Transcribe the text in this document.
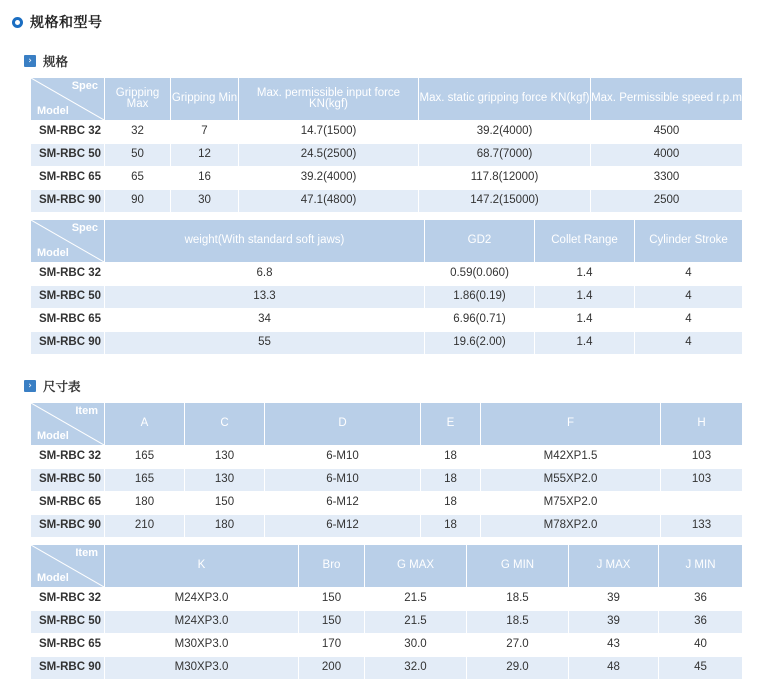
规格和型号
› 规格
Spec
Model	Gripping Max	Gripping Min	Max. permissible input force KN(kgf)	Max. static gripping force KN(kgf)	Max. Permissible speed r.p.m
SM-RBC 32	32	7	14.7(1500)	39.2(4000)	4500
SM-RBC 50	50	12	24.5(2500)	68.7(7000)	4000
SM-RBC 65	65	16	39.2(4000)	117.8(12000)	3300
SM-RBC 90	90	30	47.1(4800)	147.2(15000)	2500
Spec
Model	weight(With standard soft jaws)	GD2	Collet Range	Cylinder Stroke
SM-RBC 32	6.8	0.59(0.060)	1.4	4
SM-RBC 50	13.3	1.86(0.19)	1.4	4
SM-RBC 65	34	6.96(0.71)	1.4	4
SM-RBC 90	55	19.6(2.00)	1.4	4
› 尺寸表
Item
Model	A	C	D	E	F	H
SM-RBC 32	165	130	6-M10	18	M42XP1.5	103
SM-RBC 50	165	130	6-M10	18	M55XP2.0	103
SM-RBC 65	180	150	6-M12	18	M75XP2.0	
SM-RBC 90	210	180	6-M12	18	M78XP2.0	133
Item
Model	K	Bro	G MAX	G MIN	J MAX	J MIN
SM-RBC 32	M24XP3.0	150	21.5	18.5	39	36
SM-RBC 50	M24XP3.0	150	21.5	18.5	39	36
SM-RBC 65	M30XP3.0	170	30.0	27.0	43	40
SM-RBC 90	M30XP3.0	200	32.0	29.0	48	45
